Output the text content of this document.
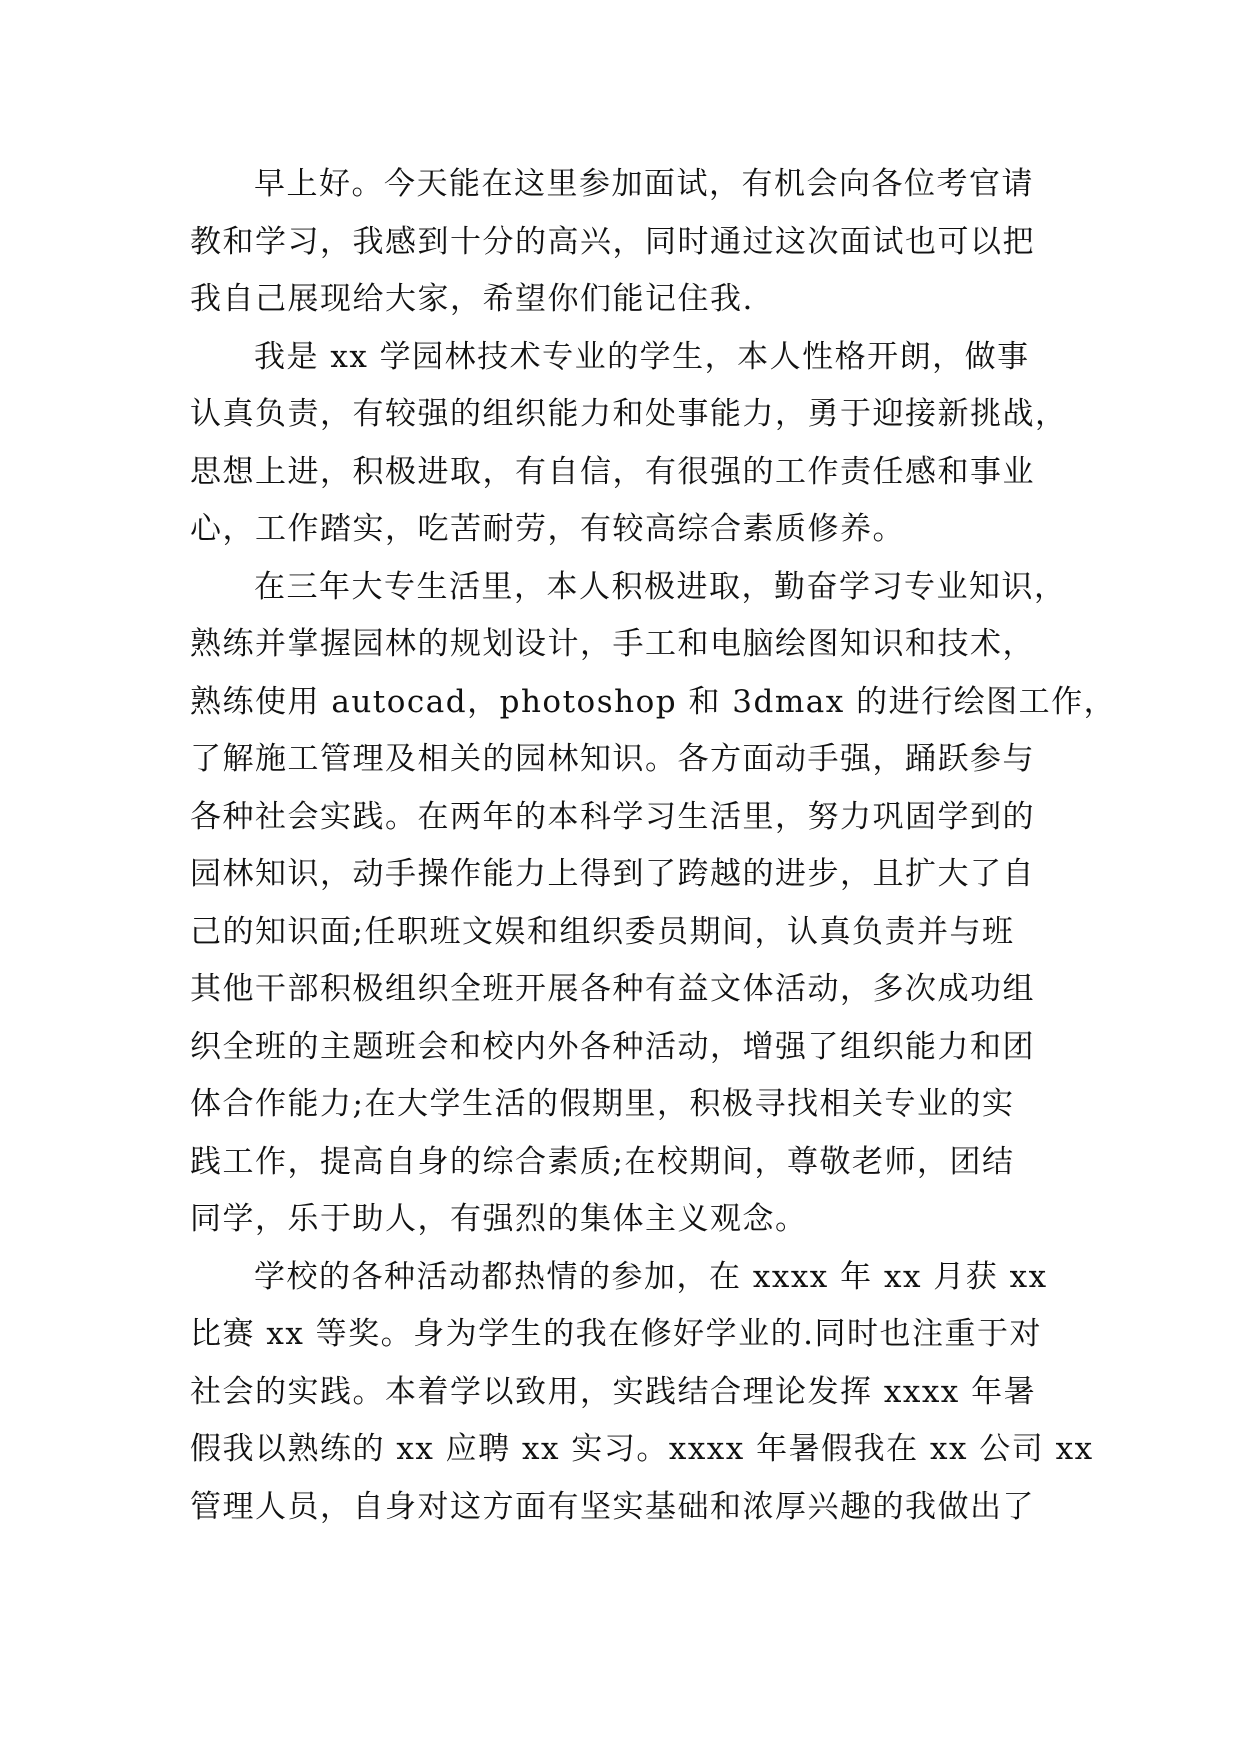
早上好。今天能在这里参加面试，有机会向各位考官请
教和学习，我感到十分的高兴，同时通过这次面试也可以把
我自己展现给大家，希望你们能记住我.
我是 xx 学园林技术专业的学生，本人性格开朗，做事
认真负责，有较强的组织能力和处事能力，勇于迎接新挑战，
思想上进，积极进取，有自信，有很强的工作责任感和事业
心，工作踏实，吃苦耐劳，有较高综合素质修养。
在三年大专生活里，本人积极进取，勤奋学习专业知识，
熟练并掌握园林的规划设计，手工和电脑绘图知识和技术，
熟练使用 autocad，photoshop 和 3dmax 的进行绘图工作，
了解施工管理及相关的园林知识。各方面动手强，踊跃参与
各种社会实践。在两年的本科学习生活里，努力巩固学到的
园林知识，动手操作能力上得到了跨越的进步，且扩大了自
己的知识面;任职班文娱和组织委员期间，认真负责并与班
其他干部积极组织全班开展各种有益文体活动，多次成功组
织全班的主题班会和校内外各种活动，增强了组织能力和团
体合作能力;在大学生活的假期里，积极寻找相关专业的实
践工作，提高自身的综合素质;在校期间，尊敬老师，团结
同学，乐于助人，有强烈的集体主义观念。
学校的各种活动都热情的参加，在 xxxx 年 xx 月获 xx
比赛 xx 等奖。身为学生的我在修好学业的.同时也注重于对
社会的实践。本着学以致用，实践结合理论发挥 xxxx 年暑
假我以熟练的 xx 应聘 xx 实习。xxxx 年暑假我在 xx 公司 xx
管理人员，自身对这方面有坚实基础和浓厚兴趣的我做出了
